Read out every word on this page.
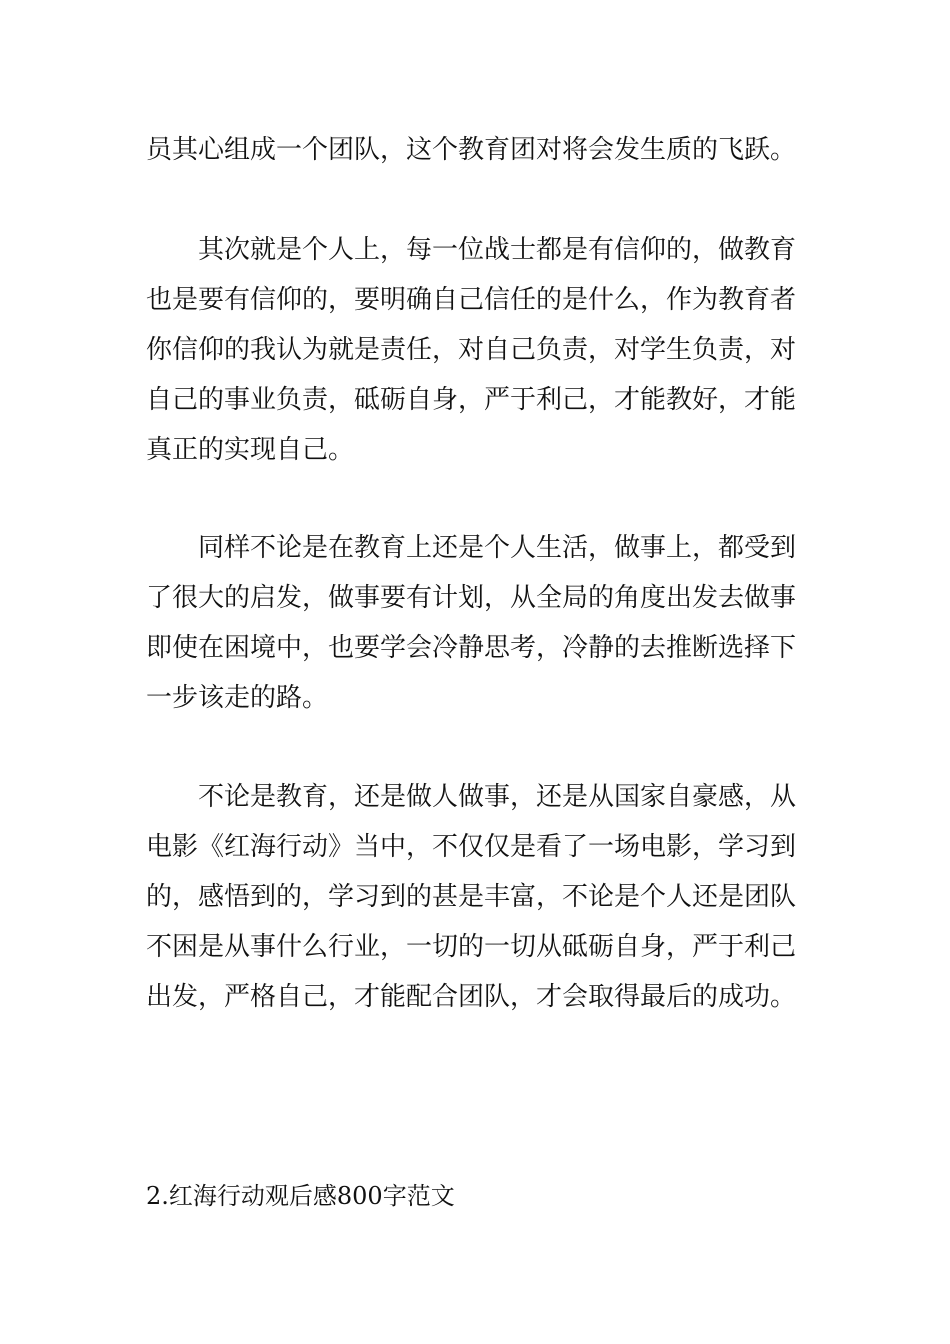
员其心组成一个团队，这个教育团对将会发生质的飞跃。

其次就是个人上，每一位战士都是有信仰的，做教育
也是要有信仰的，要明确自己信任的是什么，作为教育者
你信仰的我认为就是责任，对自己负责，对学生负责，对
自己的事业负责，砥砺自身，严于利己，才能教好，才能
真正的实现自己。

同样不论是在教育上还是个人生活，做事上，都受到
了很大的启发，做事要有计划，从全局的角度出发去做事
即使在困境中，也要学会冷静思考，冷静的去推断选择下
一步该走的路。

不论是教育，还是做人做事，还是从国家自豪感，从
电影《红海行动》当中，不仅仅是看了一场电影，学习到
的，感悟到的，学习到的甚是丰富，不论是个人还是团队
不困是从事什么行业，一切的一切从砥砺自身，严于利己
出发，严格自己，才能配合团队，才会取得最后的成功。

2.红海行动观后感800字范文
